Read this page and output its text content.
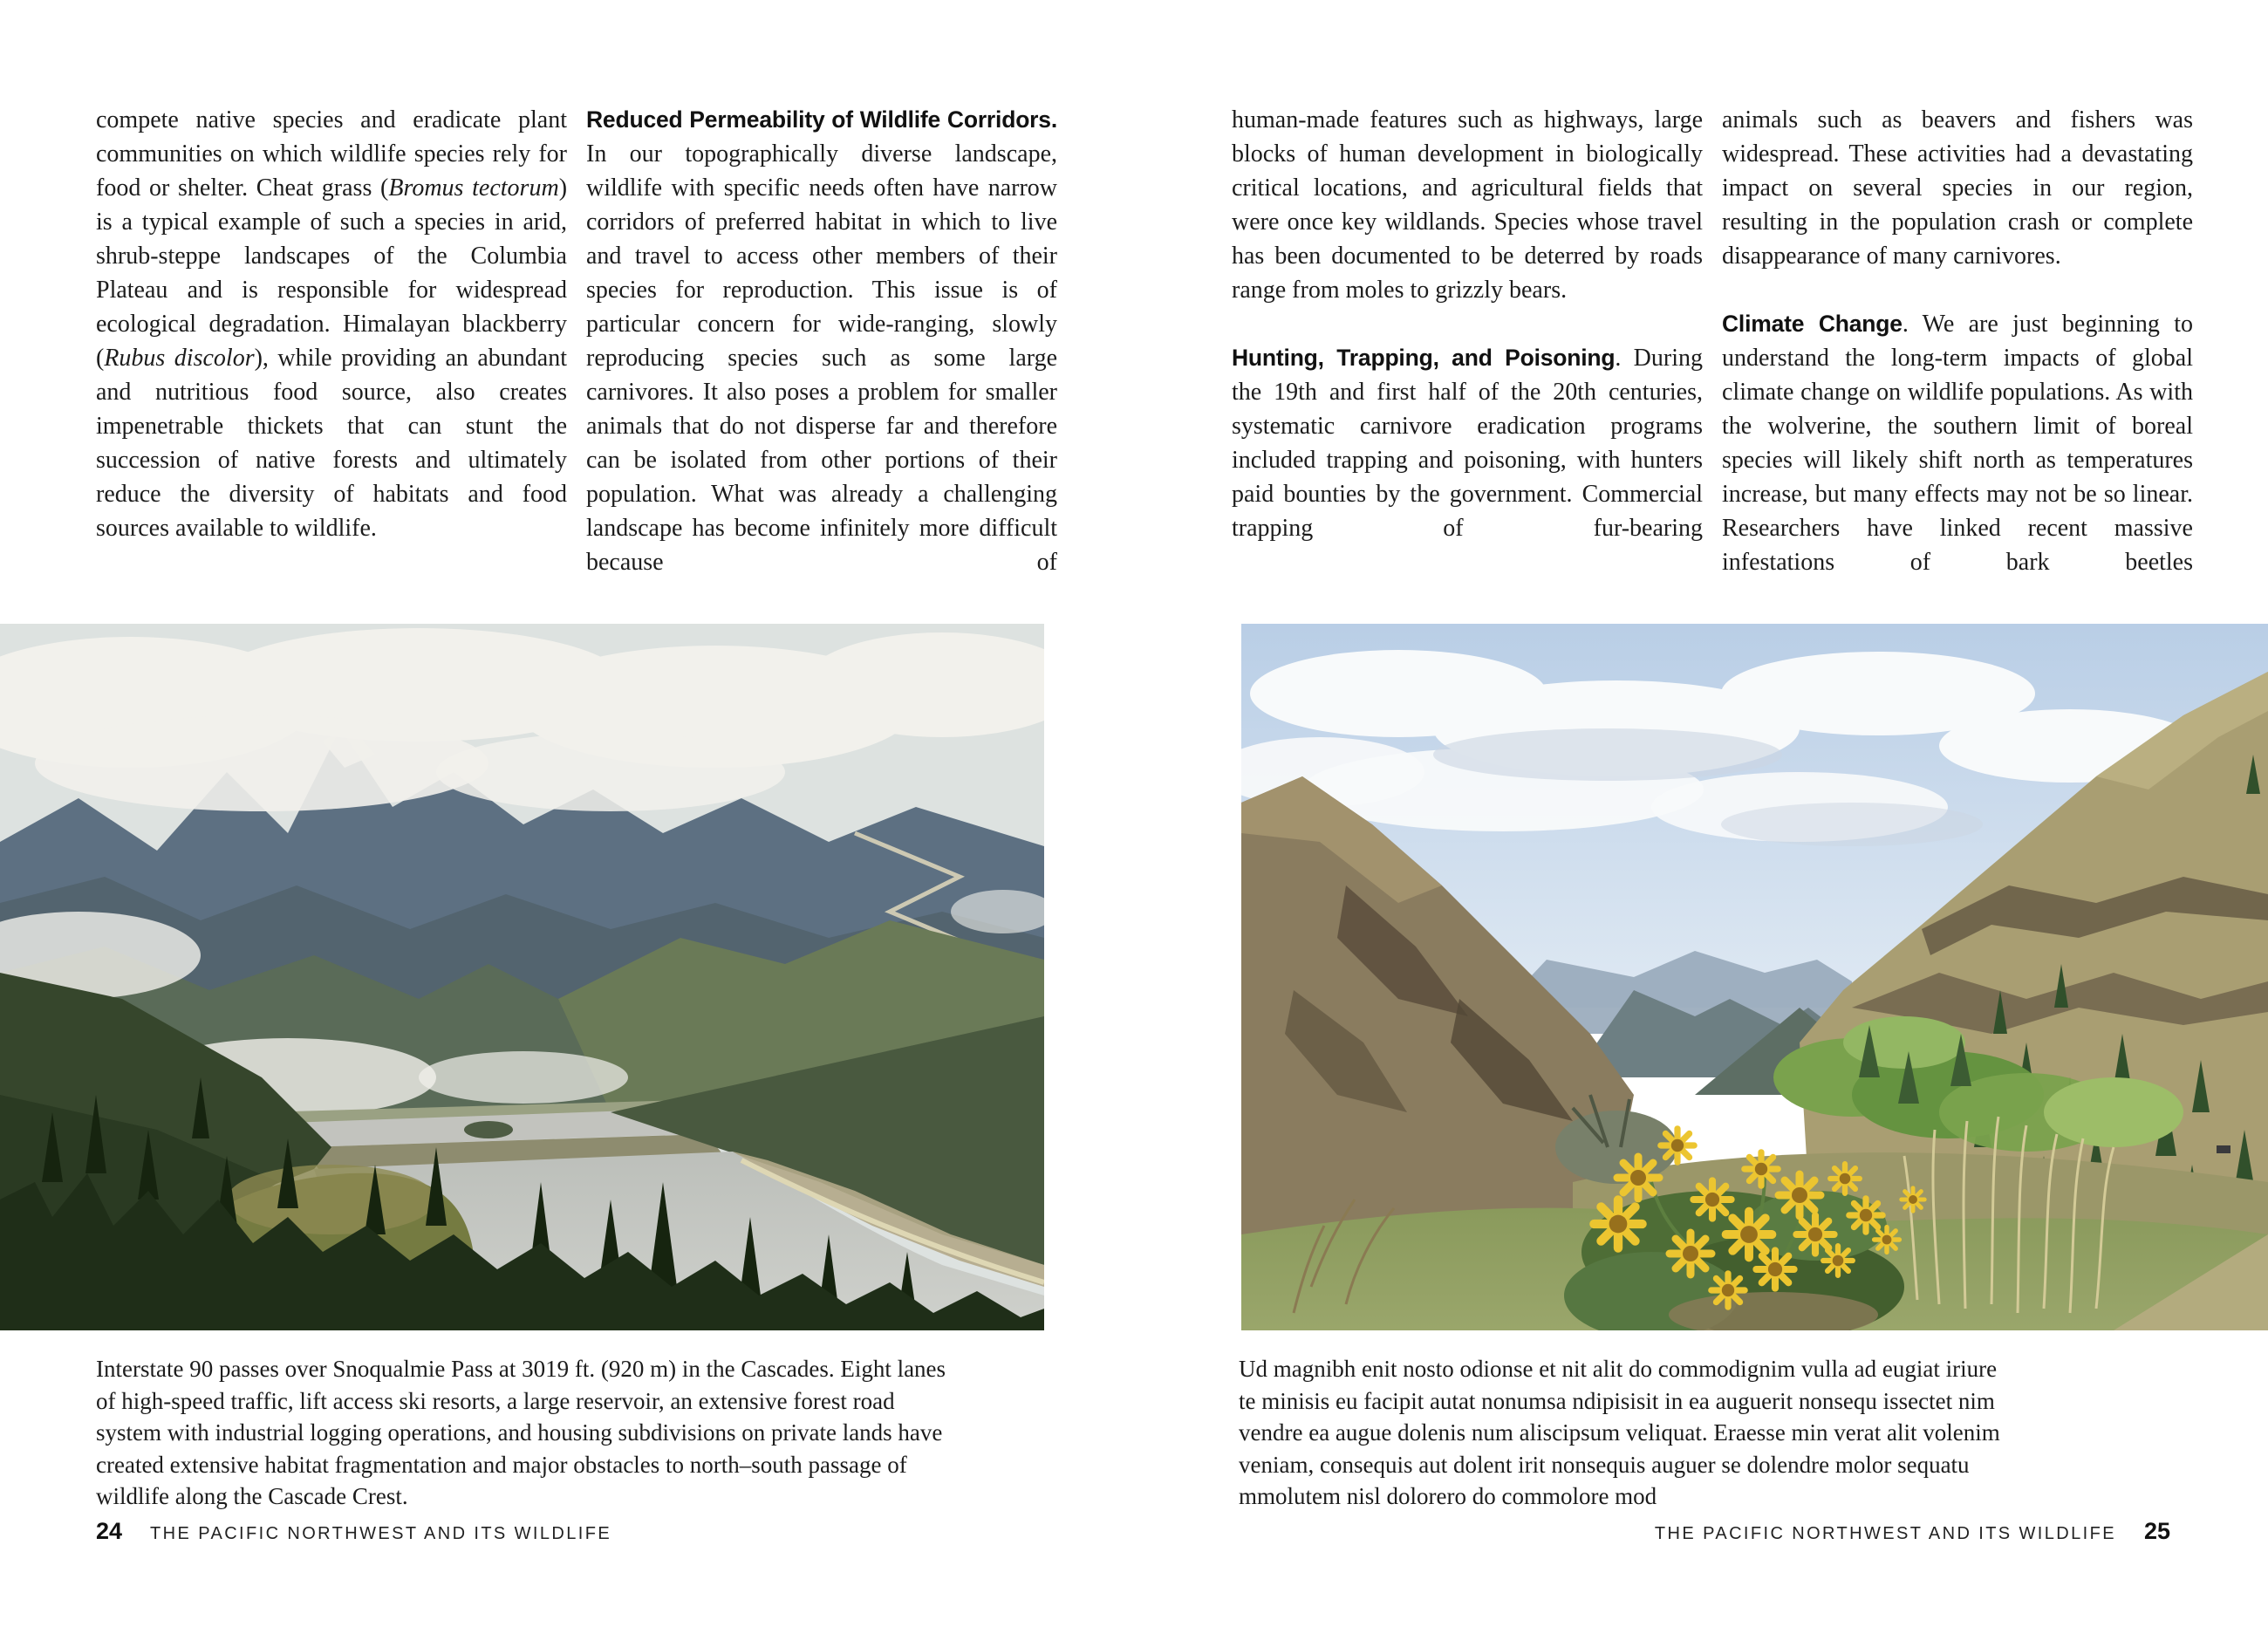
compete native species and eradicate plant communities on which wildlife species rely for food or shelter. Cheat grass (Bromus tectorum) is a typical example of such a species in arid, shrub-steppe landscapes of the Columbia Plateau and is responsible for widespread ecological degradation. Himalayan blackberry (Rubus discolor), while providing an abundant and nutritious food source, also creates impenetrable thickets that can stunt the succession of native forests and ultimately reduce the diversity of habitats and food sources available to wildlife.

Reduced Permeability of Wildlife Corridors. In our topographically diverse landscape, wildlife with specific needs often have narrow corridors of preferred habitat in which to live and travel to access other members of their species for reproduction. This issue is of particular concern for wide-ranging, slowly reproducing species such as some large carnivores. It also poses a problem for smaller animals that do not disperse far and therefore can be isolated from other portions of their population. What was already a challenging landscape has become infinitely more difficult because of

human-made features such as highways, large blocks of human development in biologically critical locations, and agricultural fields that were once key wildlands. Species whose travel has been documented to be deterred by roads range from moles to grizzly bears.

Hunting, Trapping, and Poisoning. During the 19th and first half of the 20th centuries, systematic carnivore eradication programs included trapping and poisoning, with hunters paid bounties by the government. Commercial trapping of fur-bearing

animals such as beavers and fishers was widespread. These activities had a devastating impact on several species in our region, resulting in the population crash or complete disappearance of many carnivores.

Climate Change. We are just beginning to understand the long-term impacts of global climate change on wildlife populations. As with the wolverine, the southern limit of boreal species will likely shift north as temperatures increase, but many effects may not be so linear. Researchers have linked recent massive infestations of bark beetles

Interstate 90 passes over Snoqualmie Pass at 3019 ft. (920 m) in the Cascades. Eight lanes of high-speed traffic, lift access ski resorts, a large reservoir, an extensive forest road system with industrial logging operations, and housing subdivisions on private lands have created extensive habitat fragmentation and major obstacles to north–south passage of wildlife along the Cascade Crest.
Ud magnibh enit nosto odionse et nit alit do commodignim vulla ad eugiat iriure te minisis eu facipit autat nonumsa ndipisisit in ea auguerit nonsequ issectet nim vendre ea augue dolenis num aliscipsum veliquat. Eraesse min verat alit volenim veniam, consequis aut dolent irit nonsequis auguer se dolendre molor sequatu mmolutem nisl dolorero do commolore mod
24 THE PACIFIC NORTHWEST AND ITS WILDLIFE	THE PACIFIC NORTHWEST AND ITS WILDLIFE 25
